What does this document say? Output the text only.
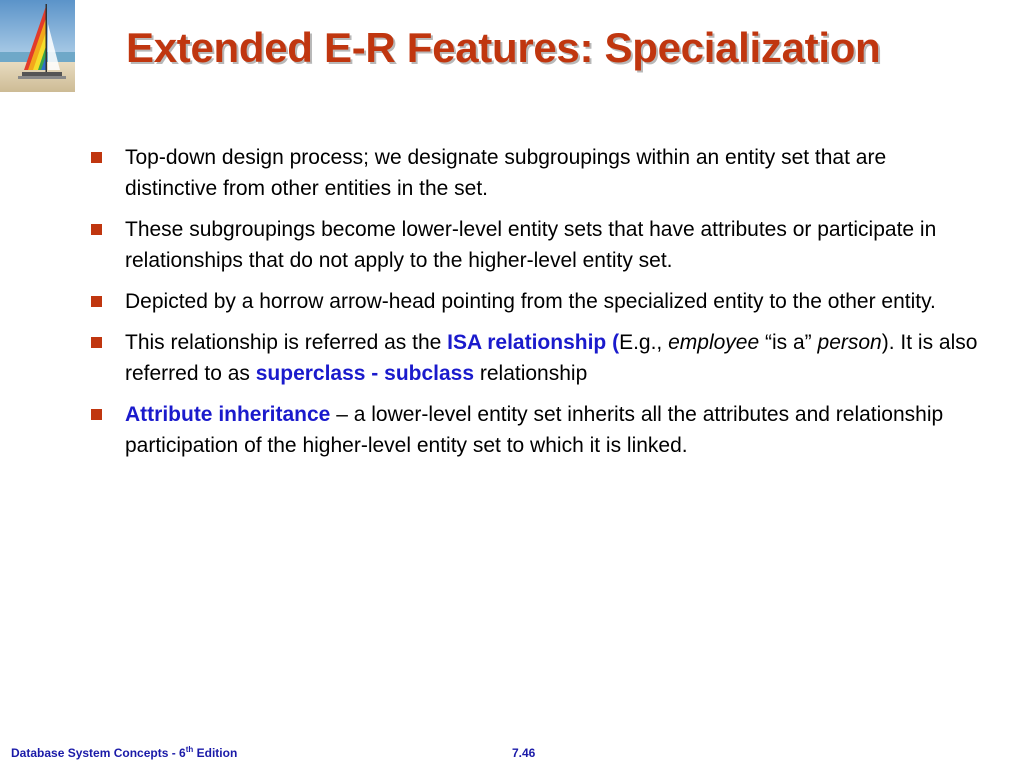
Extended E-R Features: Specialization
Top-down design process; we designate subgroupings within an entity set that are distinctive from other entities in the set.
These subgroupings become lower-level entity sets that have attributes or participate in relationships that do not apply to the higher-level entity set.
Depicted by a horrow arrow-head pointing from the specialized entity to the other entity.
This relationship is referred as the ISA relationship (E.g., employee “is a” person). It is also referred to as superclass - subclass relationship
Attribute inheritance – a lower-level entity set inherits all the attributes and relationship participation of the higher-level entity set to which it is linked.
Database System Concepts - 6th Edition	7.46
